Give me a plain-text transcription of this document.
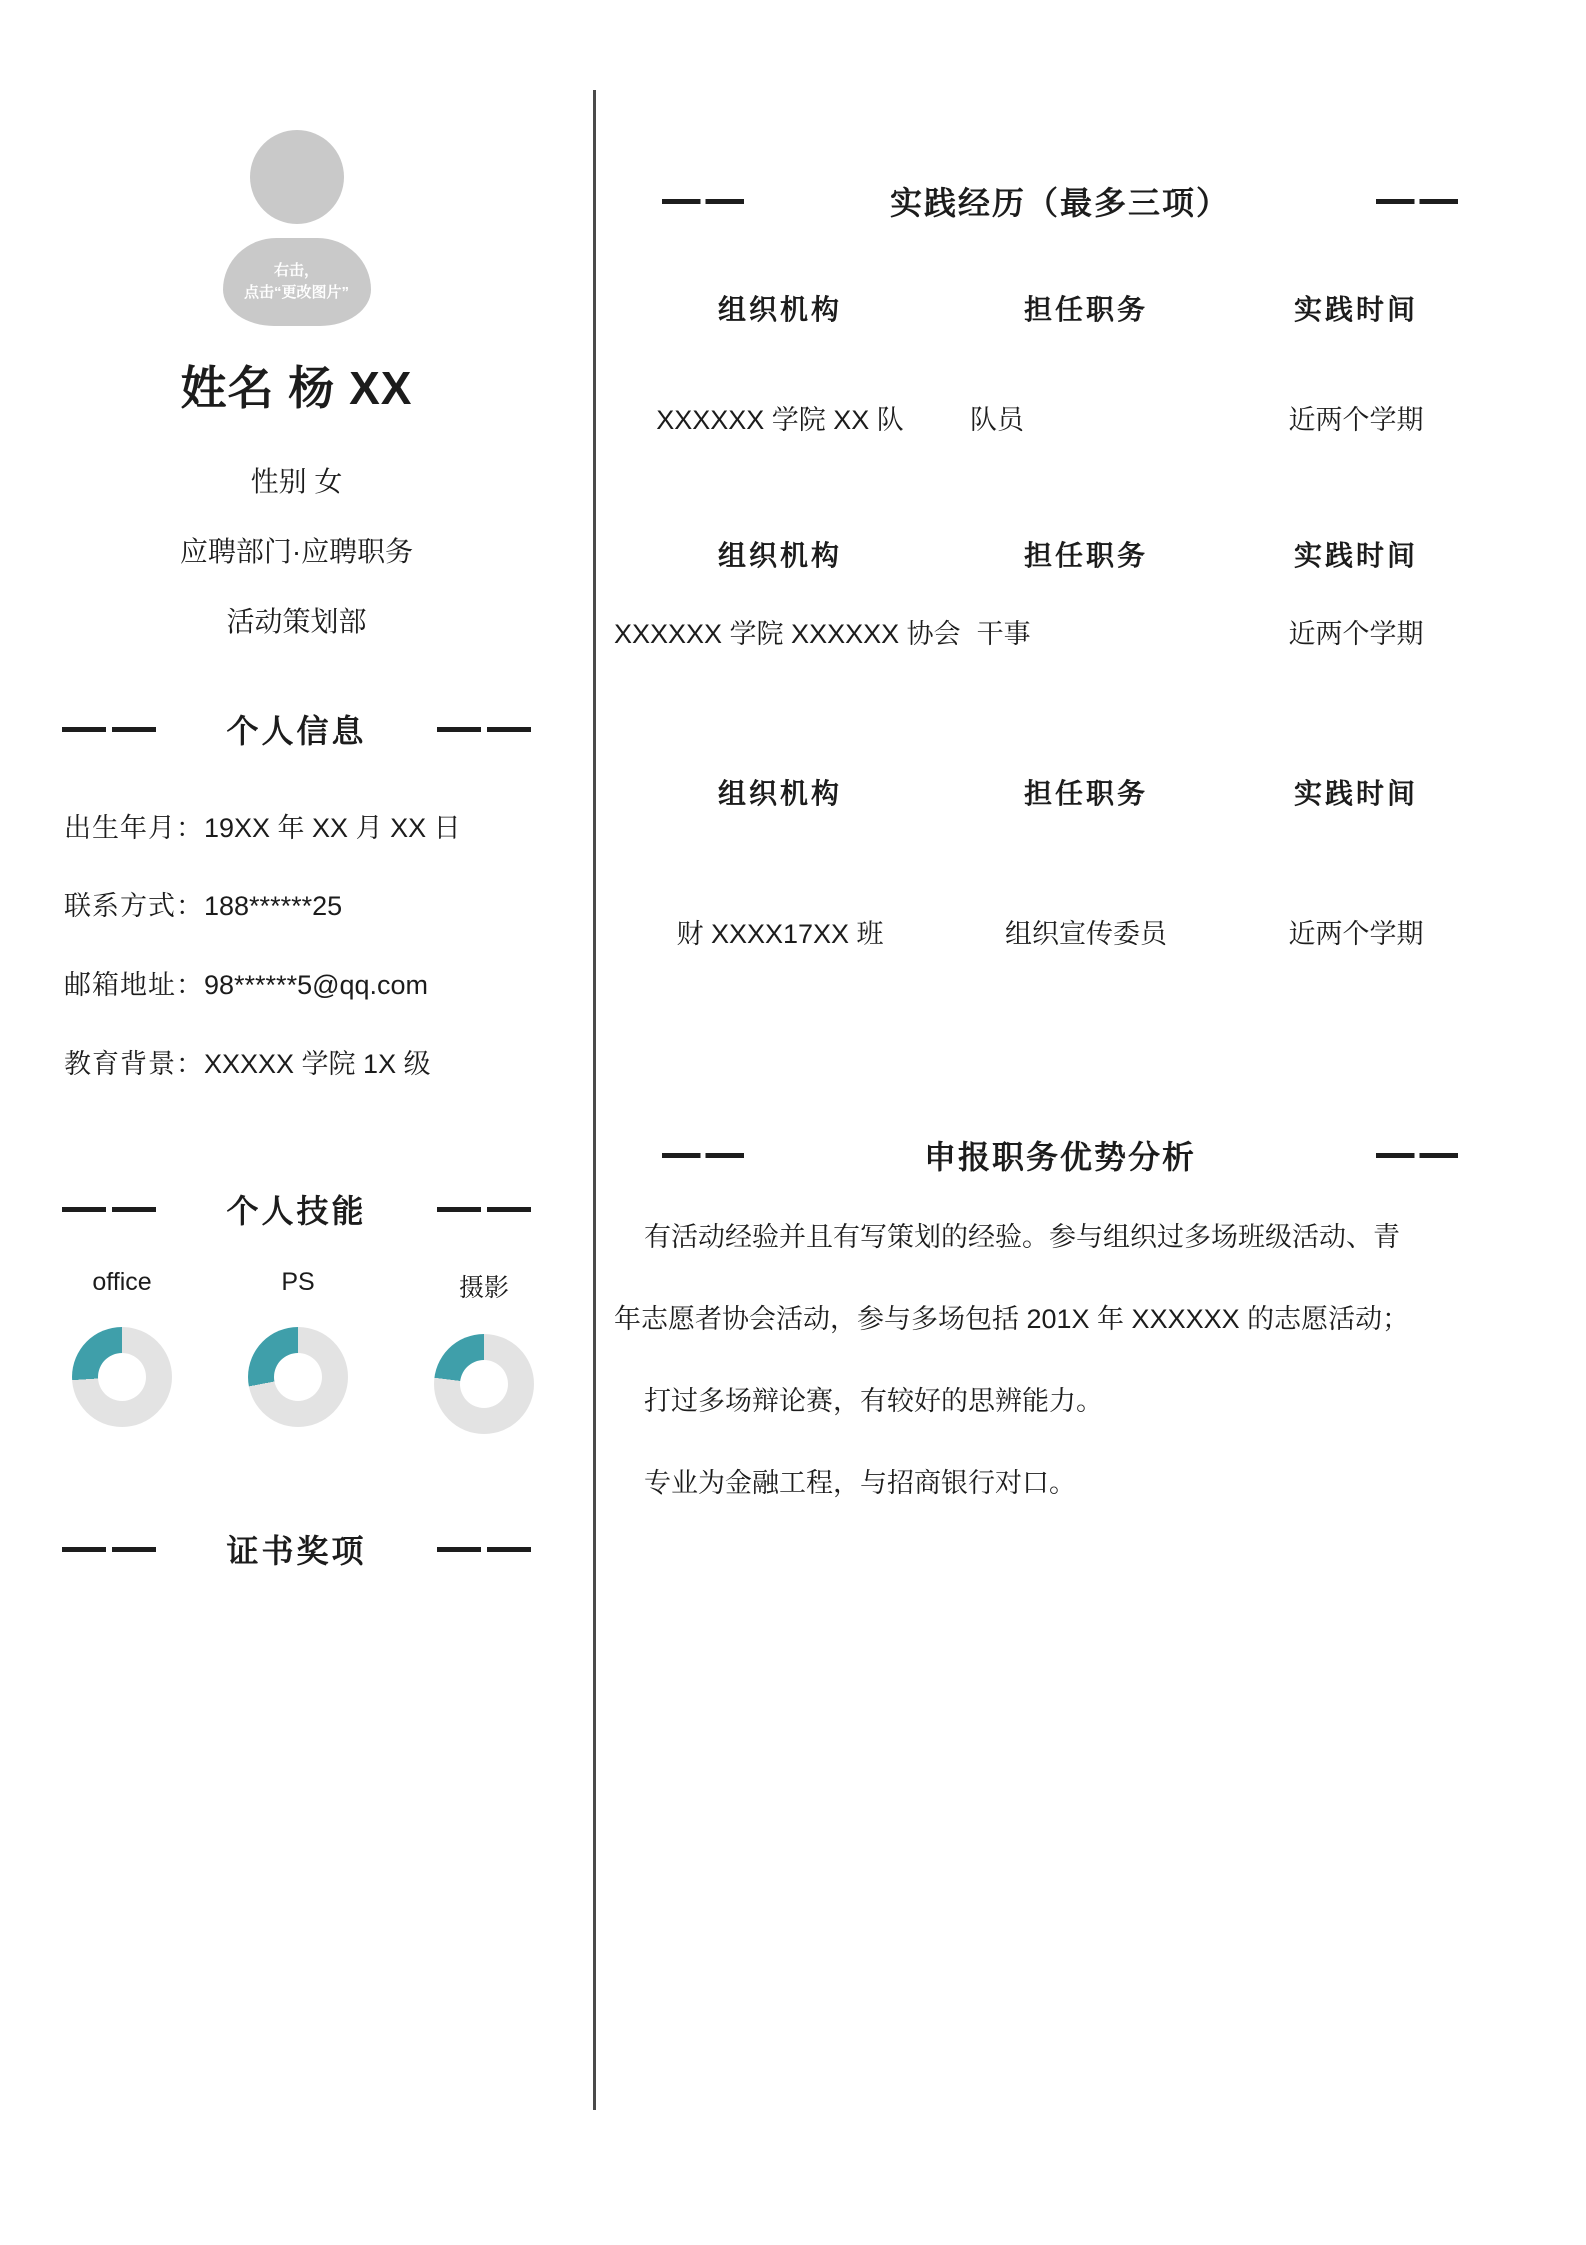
右击，
点击“更改图片”
姓名 杨 XX
性别 女
应聘部门·应聘职务
活动策划部
个人信息
出生年月：19XX 年 XX 月 XX 日
联系方式：188******25
邮箱地址：98******5@qq.com
教育背景：XXXXX 学院 1X 级
个人技能
office	PS	摄影
证书奖项
实践经历（最多三项）
组织机构	担任职务	实践时间
XXXXXX 学院 XX 队	队员	近两个学期
组织机构	担任职务	实践时间
XXXXXX 学院 XXXXXX 协会 干事	近两个学期
组织机构	担任职务	实践时间
财 XXXX17XX 班	组织宣传委员	近两个学期
申报职务优势分析
有活动经验并且有写策划的经验。参与组织过多场班级活动、青
年志愿者协会活动，参与多场包括 201X 年 XXXXXX 的志愿活动；
打过多场辩论赛，有较好的思辨能力。
专业为金融工程，与招商银行对口。
